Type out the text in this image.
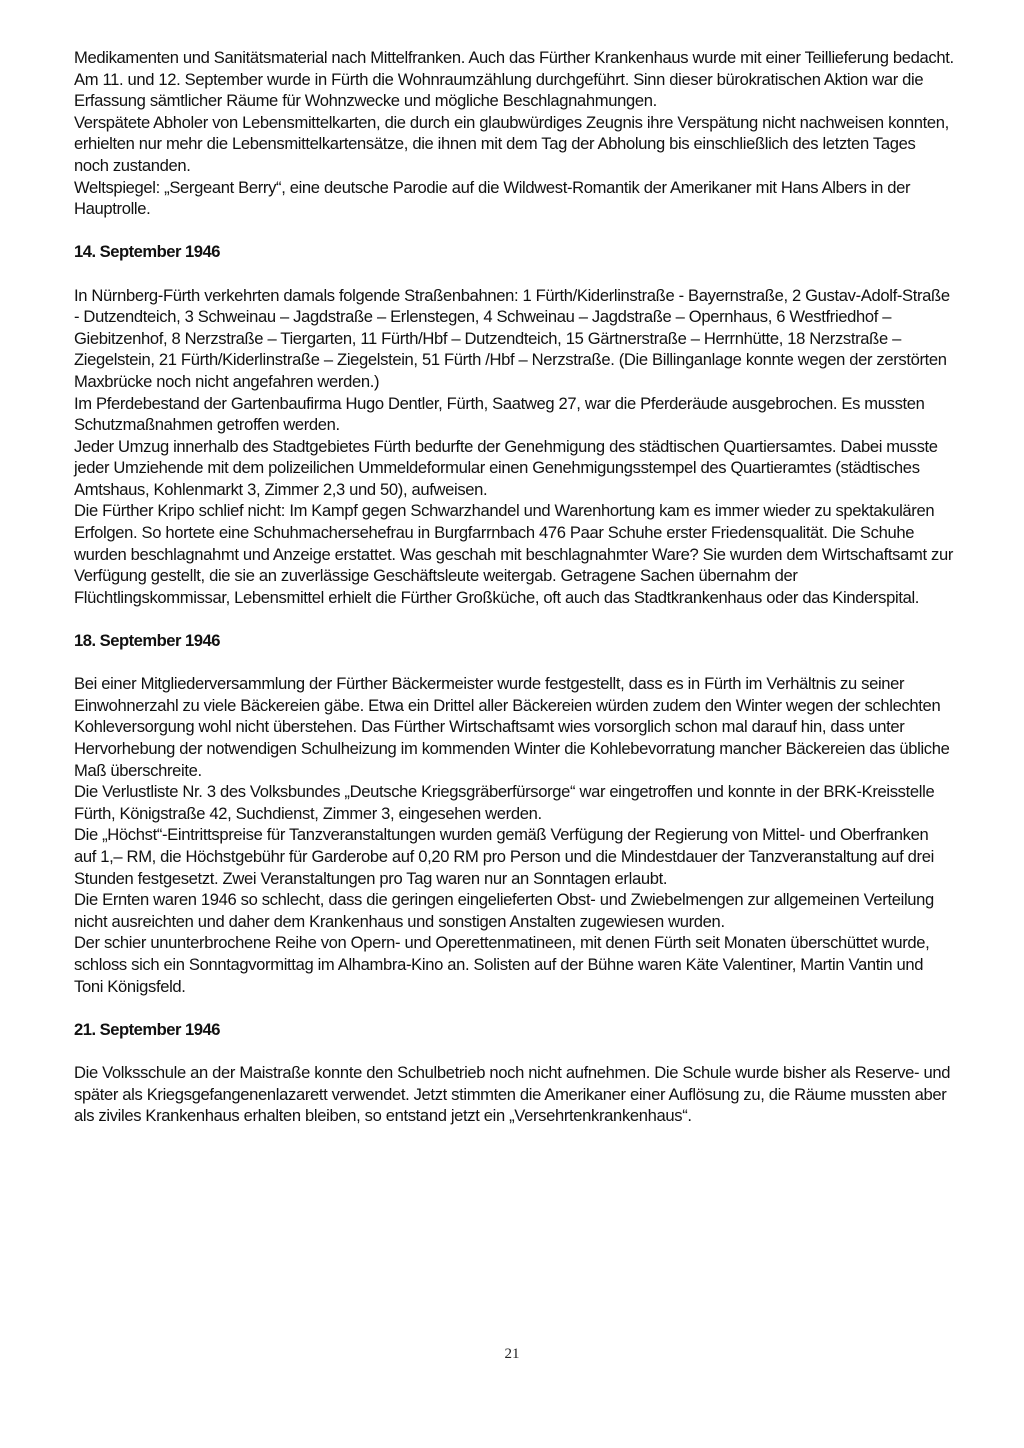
Medikamenten und Sanitätsmaterial nach Mittelfranken. Auch das Fürther Krankenhaus wurde mit einer Teillieferung bedacht.

Am 11. und 12. September wurde in Fürth die Wohnraumzählung durchgeführt. Sinn dieser bürokratischen Aktion war die Erfassung sämtlicher Räume für Wohnzwecke und mögliche Beschlagnahmungen.

Verspätete Abholer von Lebensmittelkarten, die durch ein glaubwürdiges Zeugnis ihre Verspätung nicht nachweisen konnten, erhielten nur mehr die Lebensmittelkartensätze, die ihnen mit dem Tag der Abholung bis einschließlich des letzten Tages noch zustanden.

Weltspiegel: „Sergeant Berry“, eine deutsche Parodie auf die Wildwest-Romantik der Amerikaner mit Hans Albers in der Hauptrolle.

14. September 1946

In Nürnberg-Fürth verkehrten damals folgende Straßenbahnen: 1 Fürth/Kiderlinstraße - Bayernstraße, 2 Gustav-Adolf-Straße - Dutzendteich, 3 Schweinau – Jagdstraße – Erlenstegen, 4 Schweinau – Jagdstraße – Opernhaus, 6 Westfriedhof – Giebitzenhof, 8 Nerzstraße – Tiergarten, 11 Fürth/Hbf – Dutzendteich, 15 Gärtnerstraße – Herrnhütte, 18 Nerzstraße – Ziegelstein, 21 Fürth/Kiderlinstraße – Ziegelstein, 51 Fürth /Hbf – Nerzstraße. (Die Billinganlage konnte wegen der zerstörten Maxbrücke noch nicht angefahren werden.)

Im Pferdebestand der Gartenbaufirma Hugo Dentler, Fürth, Saatweg 27, war die Pferderäude ausgebrochen. Es mussten Schutzmaßnahmen getroffen werden.

Jeder Umzug innerhalb des Stadtgebietes Fürth bedurfte der Genehmigung des städtischen Quartiersamtes. Dabei musste jeder Umziehende mit dem polizeilichen Ummeldeformular einen Genehmigungsstempel des Quartieramtes (städtisches Amtshaus, Kohlenmarkt 3, Zimmer 2,3 und 50), aufweisen.

Die Fürther Kripo schlief nicht: Im Kampf gegen Schwarzhandel und Warenhortung kam es immer wieder zu spektakulären Erfolgen. So hortete eine Schuhmachersehefrau in Burgfarrnbach 476 Paar Schuhe erster Friedensqualität. Die Schuhe wurden beschlagnahmt und Anzeige erstattet. Was geschah mit beschlagnahmter Ware? Sie wurden dem Wirtschaftsamt zur Verfügung gestellt, die sie an zuverlässige Geschäftsleute weitergab. Getragene Sachen übernahm der Flüchtlingskommissar, Lebensmittel erhielt die Fürther Großküche, oft auch das Stadtkrankenhaus oder das Kinderspital.

18. September 1946

Bei einer Mitgliederversammlung der Fürther Bäckermeister wurde festgestellt, dass es in Fürth im Verhältnis zu seiner Einwohnerzahl zu viele Bäckereien gäbe. Etwa ein Drittel aller Bäckereien würden zudem den Winter wegen der schlechten Kohleversorgung wohl nicht überstehen. Das Fürther Wirtschaftsamt wies vorsorglich schon mal darauf hin, dass unter Hervorhebung der notwendigen Schulheizung im kommenden Winter die Kohlebevorratung mancher Bäckereien das übliche Maß überschreite.

Die Verlustliste Nr. 3 des Volksbundes „Deutsche Kriegsgräberfürsorge“ war eingetroffen und konnte in der BRK-Kreisstelle Fürth, Königstraße 42, Suchdienst, Zimmer 3, eingesehen werden.

Die „Höchst“-Eintrittspreise für Tanzveranstaltungen wurden gemäß Verfügung der Regierung von Mittel- und Oberfranken auf 1,– RM, die Höchstgebühr für Garderobe auf 0,20 RM pro Person und die Mindestdauer der Tanzveranstaltung auf drei Stunden festgesetzt. Zwei Veranstaltungen pro Tag waren nur an Sonntagen erlaubt.

Die Ernten waren 1946 so schlecht, dass die geringen eingelieferten Obst- und Zwiebelmengen zur allgemeinen Verteilung nicht ausreichten und daher dem Krankenhaus und sonstigen Anstalten zugewiesen wurden.

Der schier ununterbrochene Reihe von Opern- und Operettenmatineen, mit denen Fürth seit Monaten überschüttet wurde, schloss sich ein Sonntagvormittag im Alhambra-Kino an. Solisten auf der Bühne waren Käte Valentiner, Martin Vantin und Toni Königsfeld.

21. September 1946

Die Volksschule an der Maistraße konnte den Schulbetrieb noch nicht aufnehmen. Die Schule wurde bisher als Reserve- und später als Kriegsgefangenenlazarett verwendet. Jetzt stimmten die Amerikaner einer Auflösung zu, die Räume mussten aber als ziviles Krankenhaus erhalten bleiben, so entstand jetzt ein „Versehrtenkrankenhaus“.

21
